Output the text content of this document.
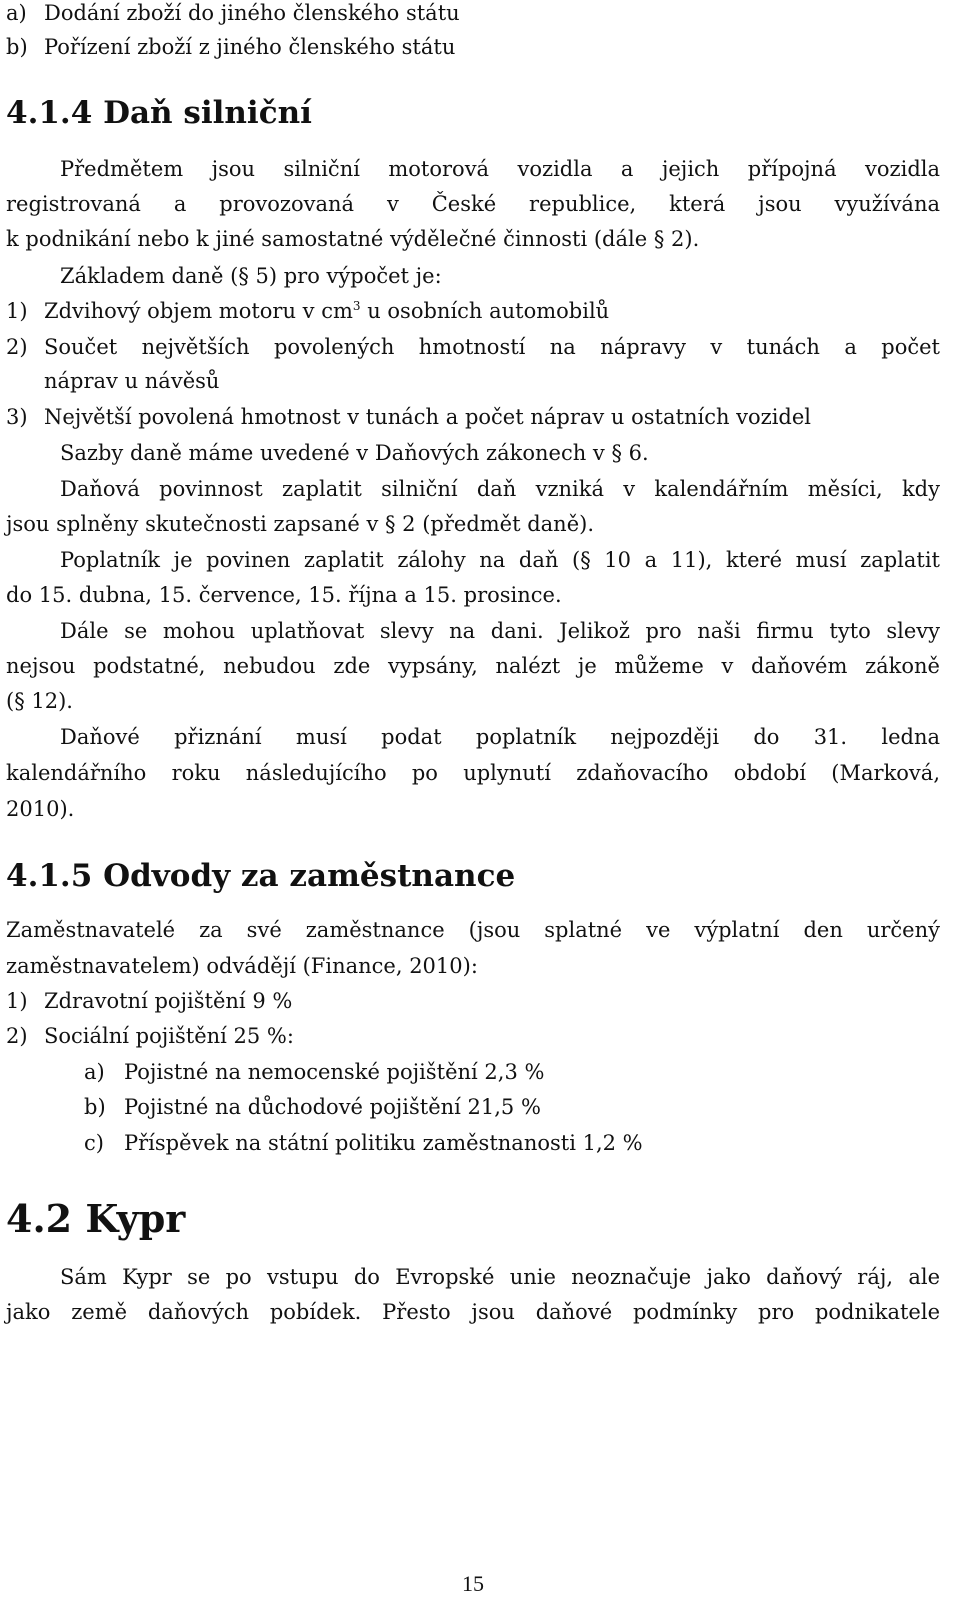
a) Dodání zboží do jiného členského státu
b) Pořízení zboží z jiného členského státu
4.1.4 Daň silniční
Předmětem jsou silniční motorová vozidla a jejich přípojná vozidla
registrovaná a provozovaná v České republice, která jsou využívána
k podnikání nebo k jiné samostatné výdělečné činnosti (dále § 2).
Základem daně (§ 5) pro výpočet je:
1) Zdvihový objem motoru v $cm^3$ u osobních automobilů
2) Součet největších povolených hmotností na nápravy v tunách a počet
náprav u návěsů
3) Největší povolená hmotnost v tunách a počet náprav u ostatních vozidel
Sazby daně máme uvedené v Daňových zákonech v § 6.
Daňová povinnost zaplatit silniční daň vzniká v kalendářním měsíci, kdy
jsou splněny skutečnosti zapsané v § 2 (předmět daně).
Poplatník je povinen zaplatit zálohy na daň (§ 10 a 11), které musí zaplatit
do 15. dubna, 15. července, 15. října a 15. prosince.
Dále se mohou uplatňovat slevy na dani. Jelikož pro naši firmu tyto slevy
nejsou podstatné, nebudou zde vypsány, nalézt je můžeme v daňovém zákoně
(§ 12).
Daňové přiznání musí podat poplatník nejpozději do 31. ledna
kalendářního roku následujícího po uplynutí zdaňovacího období (Marková,
2010).
4.1.5 Odvody za zaměstnance
Zaměstnavatelé za své zaměstnance (jsou splatné ve výplatní den určený
zaměstnavatelem) odvádějí (Finance, 2010):
1) Zdravotní pojištění 9 %
2) Sociální pojištění 25 %:
a) Pojistné na nemocenské pojištění 2,3 %
b) Pojistné na důchodové pojištění 21,5 %
c) Příspěvek na státní politiku zaměstnanosti 1,2 %
4.2 Kypr
Sám Kypr se po vstupu do Evropské unie neoznačuje jako daňový ráj, ale
jako země daňových pobídek. Přesto jsou daňové podmínky pro podnikatele
15
